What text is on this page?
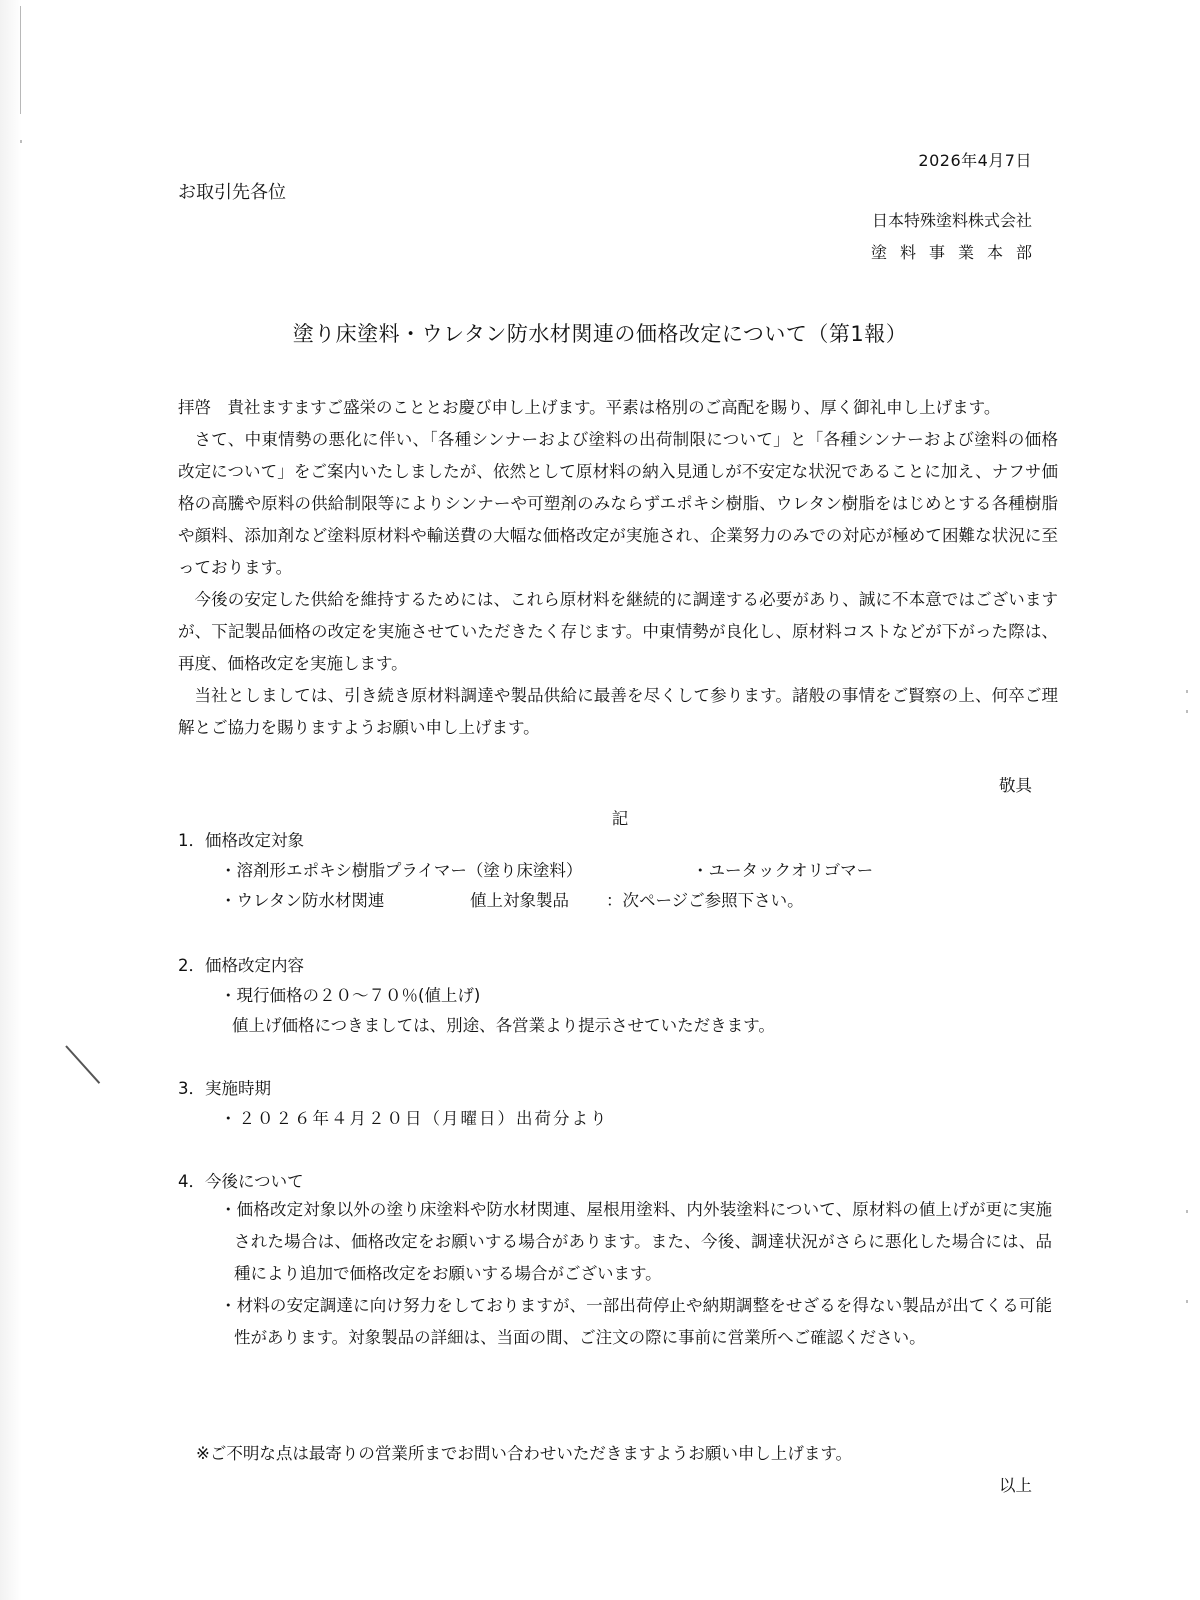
2026年4月7日
お取引先各位
日本特殊塗料株式会社
塗料事業本部
塗り床塗料・ウレタン防水材関連の価格改定について（第1報）

拝啓　貴社ますますご盛栄のこととお慶び申し上げます。平素は格別のご高配を賜り、厚く御礼申し上げます。

さて、中東情勢の悪化に伴い、「各種シンナーおよび塗料の出荷制限について」と「各種シンナーおよび塗料の価格改定について」をご案内いたしましたが、依然として原材料の納入見通しが不安定な状況であることに加え、ナフサ価格の高騰や原料の供給制限等によりシンナーや可塑剤のみならずエポキシ樹脂、ウレタン樹脂をはじめとする各種樹脂や顔料、添加剤など塗料原材料や輸送費の大幅な価格改定が実施され、企業努力のみでの対応が極めて困難な状況に至っております。

今後の安定した供給を維持するためには、これら原材料を継続的に調達する必要があり、誠に不本意ではございますが、下記製品価格の改定を実施させていただきたく存じます。中東情勢が良化し、原材料コストなどが下がった際は、再度、価格改定を実施します。

当社としましては、引き続き原材料調達や製品供給に最善を尽くして参ります。諸般の事情をご賢察の上、何卒ご理解とご協力を賜りますようお願い申し上げます。

敬具
記
1．価格改定対象
・溶剤形エポキシ樹脂プライマー（塗り床塗料）	・ユータックオリゴマー
・ウレタン防水材関連	値上対象製品 ：次ページご参照下さい。
2．価格改定内容
・現行価格の２０～７０％(値上げ)
値上げ価格につきましては、別途、各営業より提示させていただきます。
3．実施時期
・２０２６年４月２０日（月曜日）出荷分より
4．今後について
・価格改定対象以外の塗り床塗料や防水材関連、屋根用塗料、内外装塗料について、原材料の値上げが更に実施された場合は、価格改定をお願いする場合があります。また、今後、調達状況がさらに悪化した場合には、品種により追加で価格改定をお願いする場合がございます。
・材料の安定調達に向け努力をしておりますが、一部出荷停止や納期調整をせざるを得ない製品が出てくる可能性があります。対象製品の詳細は、当面の間、ご注文の際に事前に営業所へご確認ください。
※ご不明な点は最寄りの営業所までお問い合わせいただきますようお願い申し上げます。
以上
